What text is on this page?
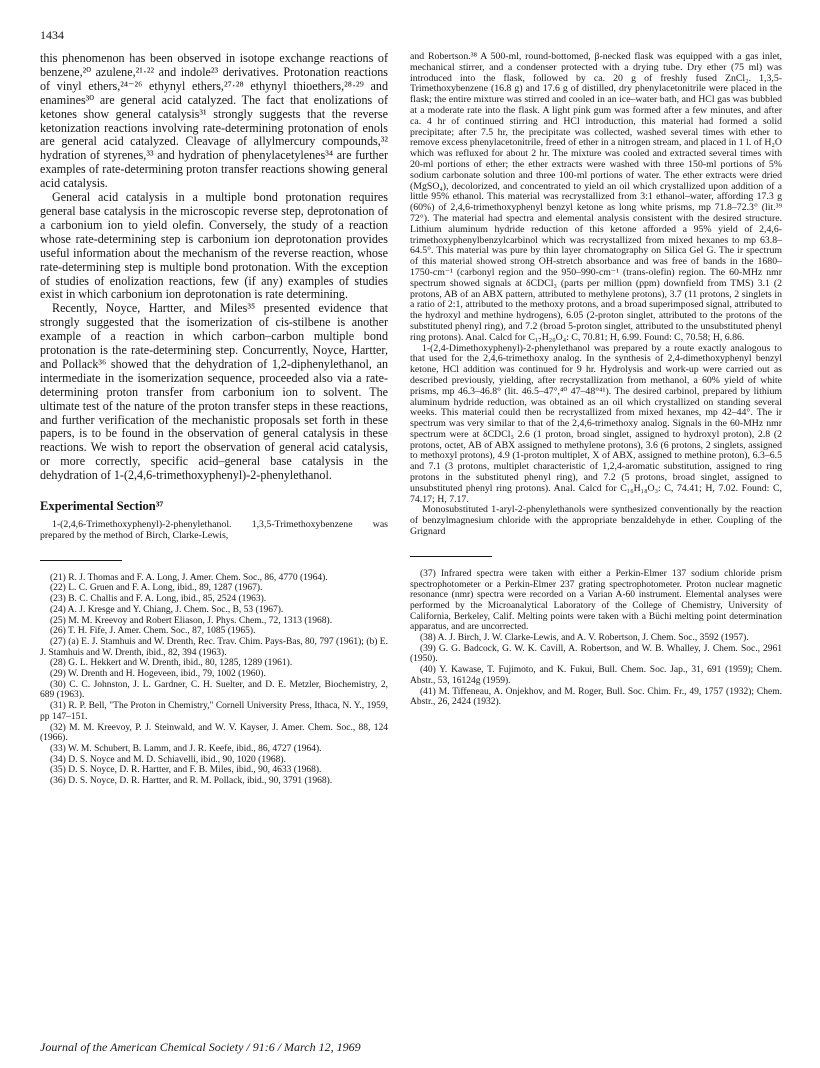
1434

this phenomenon has been observed in isotope exchange reactions of benzene,²⁰ azulene,²¹·²² and indole²³ derivatives. Protonation reactions of vinyl ethers,²⁴⁻²⁶ ethynyl ethers,²⁷·²⁸ ethynyl thioethers,²⁸·²⁹ and enamines³⁰ are general acid catalyzed. The fact that enolizations of ketones show general catalysis³¹ strongly suggests that the reverse ketonization reactions involving rate-determining protonation of enols are general acid catalyzed. Cleavage of allylmercury compounds,³² hydration of styrenes,³³ and hydration of phenylacetylenes³⁴ are further examples of rate-determining proton transfer reactions showing general acid catalysis.

General acid catalysis in a multiple bond protonation requires general base catalysis in the microscopic reverse step, deprotonation of a carbonium ion to yield olefin. Conversely, the study of a reaction whose rate-determining step is carbonium ion deprotonation provides useful information about the mechanism of the reverse reaction, whose rate-determining step is multiple bond protonation. With the exception of studies of enolization reactions, few (if any) examples of studies exist in which carbonium ion deprotonation is rate determining.

Recently, Noyce, Hartter, and Miles³⁵ presented evidence that strongly suggested that the isomerization of cis-stilbene is another example of a reaction in which carbon–carbon multiple bond protonation is the rate-determining step. Concurrently, Noyce, Hartter, and Pollack³⁶ showed that the dehydration of 1,2-diphenylethanol, an intermediate in the isomerization sequence, proceeded also via a rate-determining proton transfer from carbonium ion to solvent. The ultimate test of the nature of the proton transfer steps in these reactions, and further verification of the mechanistic proposals set forth in these papers, is to be found in the observation of general catalysis in these reactions. We wish to report the observation of general acid catalysis, or more correctly, specific acid–general base catalysis in the dehydration of 1-(2,4,6-trimethoxyphenyl)-2-phenylethanol.

Experimental Section³⁷

1-(2,4,6-Trimethoxyphenyl)-2-phenylethanol. 1,3,5-Trimethoxybenzene was prepared by the method of Birch, Clarke-Lewis,

(21) R. J. Thomas and F. A. Long, J. Amer. Chem. Soc., 86, 4770 (1964).

(22) L. C. Gruen and F. A. Long, ibid., 89, 1287 (1967).

(23) B. C. Challis and F. A. Long, ibid., 85, 2524 (1963).

(24) A. J. Kresge and Y. Chiang, J. Chem. Soc., B, 53 (1967).

(25) M. M. Kreevoy and Robert Eliason, J. Phys. Chem., 72, 1313 (1968).

(26) T. H. Fife, J. Amer. Chem. Soc., 87, 1085 (1965).

(27) (a) E. J. Stamhuis and W. Drenth, Rec. Trav. Chim. Pays-Bas, 80, 797 (1961); (b) E. J. Stamhuis and W. Drenth, ibid., 82, 394 (1963).

(28) G. L. Hekkert and W. Drenth, ibid., 80, 1285, 1289 (1961).

(29) W. Drenth and H. Hogeveen, ibid., 79, 1002 (1960).

(30) C. C. Johnston, J. L. Gardner, C. H. Suelter, and D. E. Metzler, Biochemistry, 2, 689 (1963).

(31) R. P. Bell, "The Proton in Chemistry," Cornell University Press, Ithaca, N. Y., 1959, pp 147–151.

(32) M. M. Kreevoy, P. J. Steinwald, and W. V. Kayser, J. Amer. Chem. Soc., 88, 124 (1966).

(33) W. M. Schubert, B. Lamm, and J. R. Keefe, ibid., 86, 4727 (1964).

(34) D. S. Noyce and M. D. Schiavelli, ibid., 90, 1020 (1968).

(35) D. S. Noyce, D. R. Hartter, and F. B. Miles, ibid., 90, 4633 (1968).

(36) D. S. Noyce, D. R. Hartter, and R. M. Pollack, ibid., 90, 3791 (1968).

and Robertson.³⁸ A 500-ml, round-bottomed, β-necked flask was equipped with a gas inlet, mechanical stirrer, and a condenser protected with a drying tube. Dry ether (75 ml) was introduced into the flask, followed by ca. 20 g of freshly fused ZnCl₂. 1,3,5-Trimethoxybenzene (16.8 g) and 17.6 g of distilled, dry phenylacetonitrile were placed in the flask; the entire mixture was stirred and cooled in an ice–water bath, and HCl gas was bubbled at a moderate rate into the flask. A light pink gum was formed after a few minutes, and after ca. 4 hr of continued stirring and HCl introduction, this material had formed a solid precipitate; after 7.5 hr, the precipitate was collected, washed several times with ether to remove excess phenylacetonitrile, freed of ether in a nitrogen stream, and placed in 1 l. of H₂O which was refluxed for about 2 hr. The mixture was cooled and extracted several times with 20-ml portions of ether; the ether extracts were washed with three 150-ml portions of 5% sodium carbonate solution and three 100-ml portions of water. The ether extracts were dried (MgSO₄), decolorized, and concentrated to yield an oil which crystallized upon addition of a little 95% ethanol. This material was recrystallized from 3:1 ethanol–water, affording 17.3 g (60%) of 2,4,6-trimethoxyphenyl benzyl ketone as long white prisms, mp 71.8–72.3° (lit.³⁹ 72°). The material had spectra and elemental analysis consistent with the desired structure. Lithium aluminum hydride reduction of this ketone afforded a 95% yield of 2,4,6-trimethoxyphenylbenzylcarbinol which was recrystallized from mixed hexanes to mp 63.8–64.5°. This material was pure by thin layer chromatography on Silica Gel G. The ir spectrum of this material showed strong OH-stretch absorbance and was free of bands in the 1680–1750-cm⁻¹ (carbonyl region and the 950–990-cm⁻¹ (trans-olefin) region. The 60-MHz nmr spectrum showed signals at δCDCl₃ (parts per million (ppm) downfield from TMS) 3.1 (2 protons, AB of an ABX pattern, attributed to methylene protons), 3.7 (11 protons, 2 singlets in a ratio of 2:1, attributed to the methoxy protons, and a broad superimposed signal, attributed to the hydroxyl and methine hydrogens), 6.05 (2-proton singlet, attributed to the protons of the substituted phenyl ring), and 7.2 (broad 5-proton singlet, attributed to the unsubstituted phenyl ring protons). Anal. Calcd for C₁₇H₂₀O₄: C, 70.81; H, 6.99. Found: C, 70.58; H, 6.86.

1-(2,4-Dimethoxyphenyl)-2-phenylethanol was prepared by a route exactly analogous to that used for the 2,4,6-trimethoxy analog. In the synthesis of 2,4-dimethoxyphenyl benzyl ketone, HCl addition was continued for 9 hr. Hydrolysis and work-up were carried out as described previously, yielding, after recrystallization from methanol, a 60% yield of white prisms, mp 46.3–46.8° (lit. 46.5–47°,⁴⁰ 47–48°⁴¹). The desired carbinol, prepared by lithium aluminum hydride reduction, was obtained as an oil which crystallized on standing several weeks. This material could then be recrystallized from mixed hexanes, mp 42–44°. The ir spectrum was very similar to that of the 2,4,6-trimethoxy analog. Signals in the 60-MHz nmr spectrum were at δCDCl₃ 2.6 (1 proton, broad singlet, assigned to hydroxyl proton), 2.8 (2 protons, octet, AB of ABX assigned to methylene protons), 3.6 (6 protons, 2 singlets, assigned to methoxyl protons), 4.9 (1-proton multiplet, X of ABX, assigned to methine proton), 6.3–6.5 and 7.1 (3 protons, multiplet characteristic of 1,2,4-aromatic substitution, assigned to ring protons in the substituted phenyl ring), and 7.2 (5 protons, broad singlet, assigned to unsubstituted phenyl ring protons). Anal. Calcd for C₁₆H₁₈O₃: C, 74.41; H, 7.02. Found: C, 74.17; H, 7.17.

Monosubstituted 1-aryl-2-phenylethanols were synthesized conventionally by the reaction of benzylmagnesium chloride with the appropriate benzaldehyde in ether. Coupling of the Grignard

(37) Infrared spectra were taken with either a Perkin-Elmer 137 sodium chloride prism spectrophotometer or a Perkin-Elmer 237 grating spectrophotometer. Proton nuclear magnetic resonance (nmr) spectra were recorded on a Varian A-60 instrument. Elemental analyses were performed by the Microanalytical Laboratory of the College of Chemistry, University of California, Berkeley, Calif. Melting points were taken with a Büchi melting point determination apparatus, and are uncorrected.

(38) A. J. Birch, J. W. Clarke-Lewis, and A. V. Robertson, J. Chem. Soc., 3592 (1957).

(39) G. G. Badcock, G. W. K. Cavill, A. Robertson, and W. B. Whalley, J. Chem. Soc., 2961 (1950).

(40) Y. Kawase, T. Fujimoto, and K. Fukui, Bull. Chem. Soc. Jap., 31, 691 (1959); Chem. Abstr., 53, 16124g (1959).

(41) M. Tiffeneau, A. Onjekhov, and M. Roger, Bull. Soc. Chim. Fr., 49, 1757 (1932); Chem. Abstr., 26, 2424 (1932).

Journal of the American Chemical Society / 91:6 / March 12, 1969
